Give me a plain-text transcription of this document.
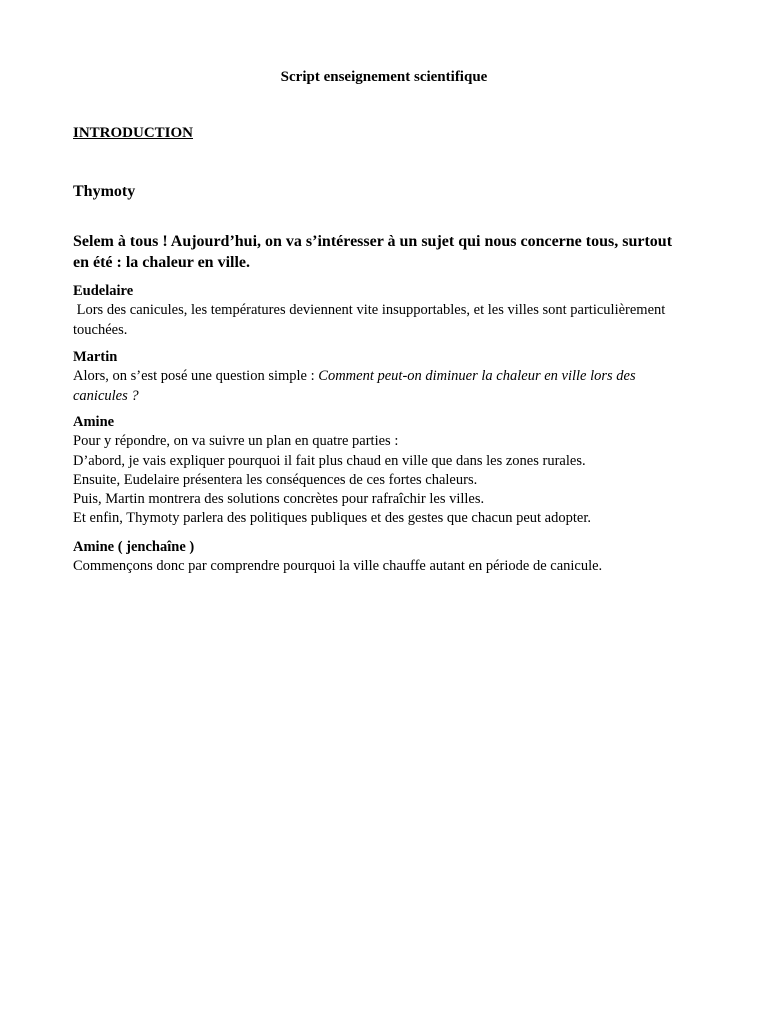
Script enseignement scientifique
INTRODUCTION
Thymoty
Selem à tous ! Aujourd’hui, on va s’intéresser à un sujet qui nous concerne tous, surtout en été : la chaleur en ville.
Eudelaire
Lors des canicules, les températures deviennent vite insupportables, et les villes sont particulièrement touchées.
Martin
Alors, on s’est posé une question simple : Comment peut-on diminuer la chaleur en ville lors des canicules ?
Amine
Pour y répondre, on va suivre un plan en quatre parties :
D’abord, je vais expliquer pourquoi il fait plus chaud en ville que dans les zones rurales.
Ensuite, Eudelaire présentera les conséquences de ces fortes chaleurs.
Puis, Martin montrera des solutions concrètes pour rafraîchir les villes.
Et enfin, Thymoty parlera des politiques publiques et des gestes que chacun peut adopter.
Amine ( jenchaîne )
Commençons donc par comprendre pourquoi la ville chauffe autant en période de canicule.
